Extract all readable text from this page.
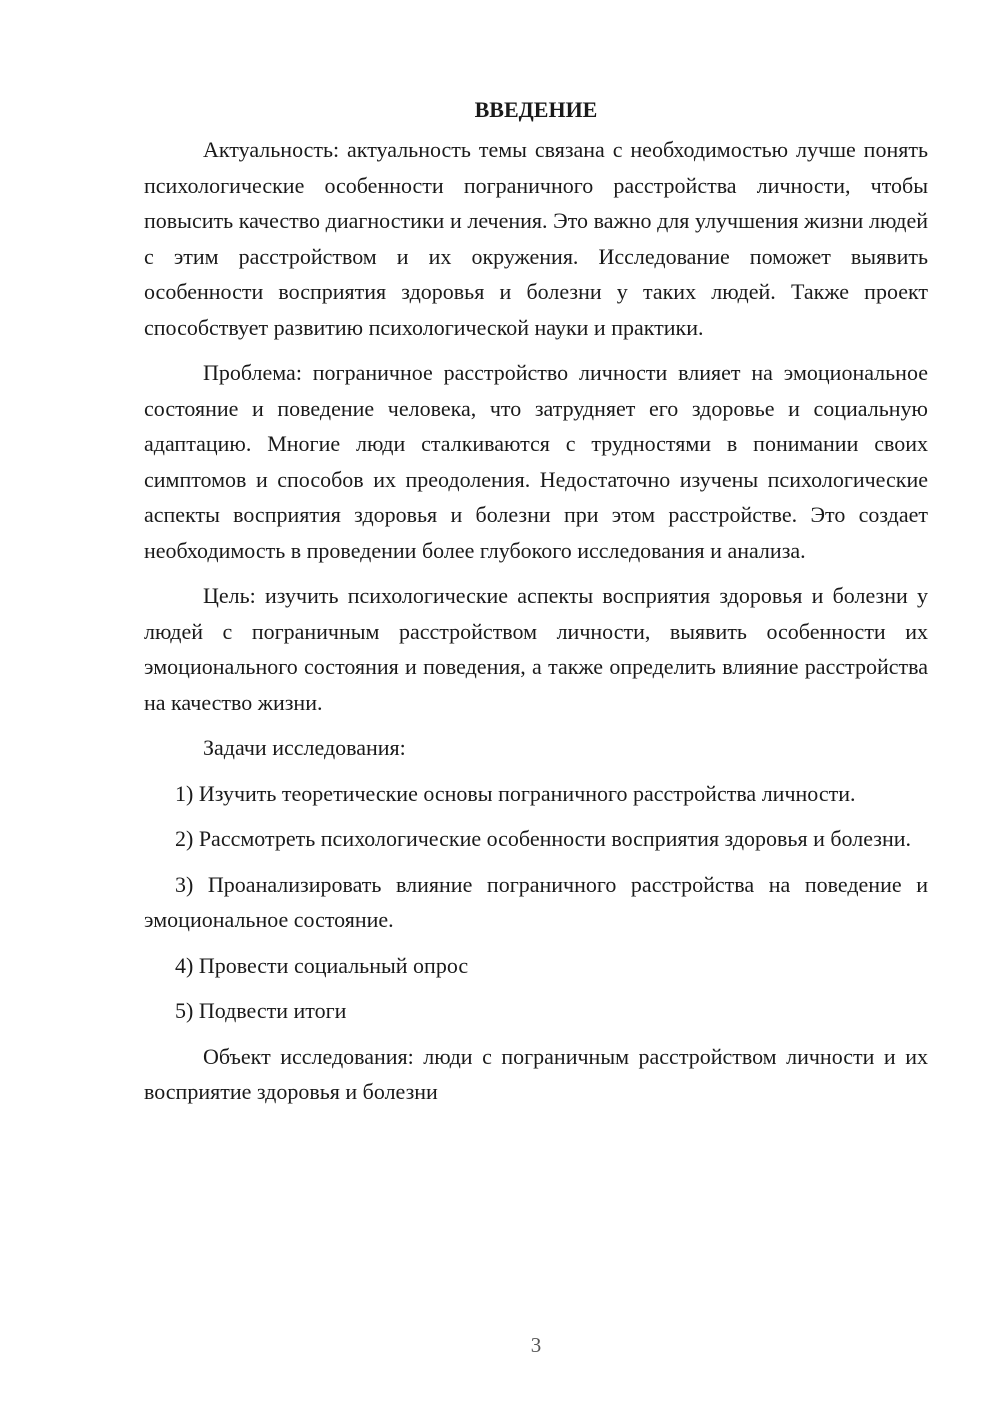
ВВЕДЕНИЕ

Актуальность: актуальность темы связана с необходимостью лучше понять психологические особенности пограничного расстройства личности, чтобы повысить качество диагностики и лечения. Это важно для улучшения жизни людей с этим расстройством и их окружения. Исследование поможет выявить особенности восприятия здоровья и болезни у таких людей. Также проект способствует развитию психологической науки и практики.

Проблема: пограничное расстройство личности влияет на эмоциональное состояние и поведение человека, что затрудняет его здоровье и социальную адаптацию. Многие люди сталкиваются с трудностями в понимании своих симптомов и способов их преодоления. Недостаточно изучены психологические аспекты восприятия здоровья и болезни при этом расстройстве. Это создает необходимость в проведении более глубокого исследования и анализа.

Цель: изучить психологические аспекты восприятия здоровья и болезни у людей с пограничным расстройством личности, выявить особенности их эмоционального состояния и поведения, а также определить влияние расстройства на качество жизни.

Задачи исследования:

1) Изучить теоретические основы пограничного расстройства личности.

2) Рассмотреть психологические особенности восприятия здоровья и болезни.

3) Проанализировать влияние пограничного расстройства на поведение и эмоциональное состояние.

4) Провести социальный опрос

5) Подвести итоги

Объект исследования: люди с пограничным расстройством личности и их восприятие здоровья и болезни

3
